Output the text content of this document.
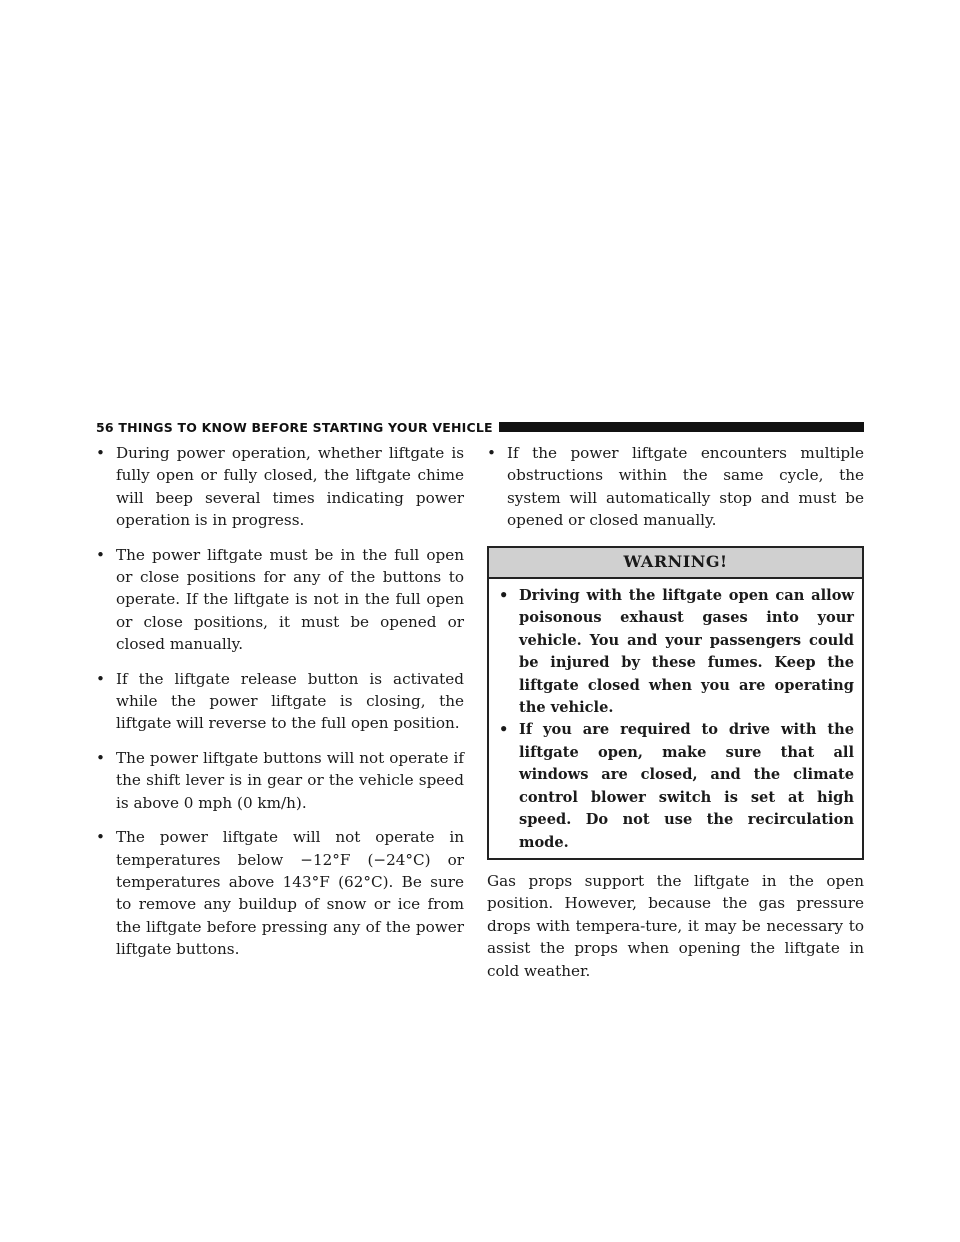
56 THINGS TO KNOW BEFORE STARTING YOUR VEHICLE
• During power operation, whether liftgate is fully open or fully closed, the liftgate chime will beep several times indicating power operation is in progress.
• The power liftgate must be in the full open or close positions for any of the buttons to operate. If the liftgate is not in the full open or close positions, it must be opened or closed manually.
• If the liftgate release button is activated while the power liftgate is closing, the liftgate will reverse to the full open position.
• The power liftgate buttons will not operate if the shift lever is in gear or the vehicle speed is above 0 mph (0 km/h).
• The power liftgate will not operate in temperatures below −12°F (−24°C) or temperatures above 143°F (62°C). Be sure to remove any buildup of snow or ice from the liftgate before pressing any of the power liftgate buttons.
• If the power liftgate encounters multiple obstructions within the same cycle, the system will automatically stop and must be opened or closed manually.
WARNING!
• Driving with the liftgate open can allow poisonous exhaust gases into your vehicle. You and your passengers could be injured by these fumes. Keep the liftgate closed when you are operating the vehicle.
• If you are required to drive with the liftgate open, make sure that all windows are closed, and the climate control blower switch is set at high speed. Do not use the recirculation mode.
Gas props support the liftgate in the open position. However, because the gas pressure drops with tempera-ture, it may be necessary to assist the props when opening the liftgate in cold weather.
